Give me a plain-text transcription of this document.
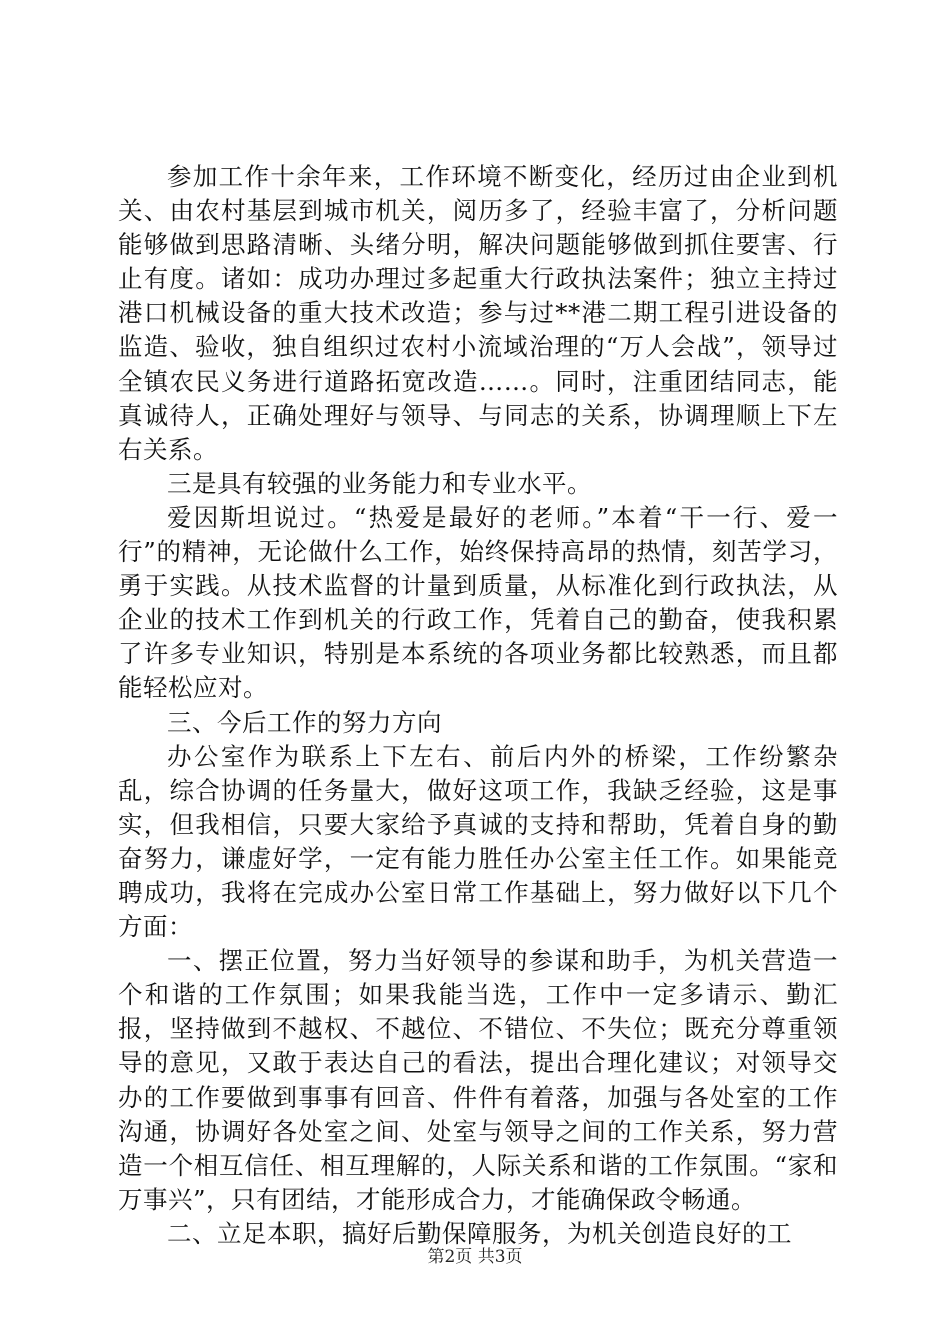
参加工作十余年来，工作环境不断变化，经历过由企业到机关、由农村基层到城市机关，阅历多了，经验丰富了，分析问题能够做到思路清晰、头绪分明，解决问题能够做到抓住要害、行止有度。诸如：成功办理过多起重大行政执法案件；独立主持过港口机械设备的重大技术改造；参与过**港二期工程引进设备的监造、验收，独自组织过农村小流域治理的“万人会战”，领导过全镇农民义务进行道路拓宽改造……。同时，注重团结同志，能真诚待人，正确处理好与领导、与同志的关系，协调理顺上下左右关系。

三是具有较强的业务能力和专业水平。

爱因斯坦说过。“热爱是最好的老师。”本着“干一行、爱一行”的精神，无论做什么工作，始终保持高昂的热情，刻苦学习，勇于实践。从技术监督的计量到质量，从标准化到行政执法，从企业的技术工作到机关的行政工作，凭着自己的勤奋，使我积累了许多专业知识，特别是本系统的各项业务都比较熟悉，而且都能轻松应对。

三、今后工作的努力方向

办公室作为联系上下左右、前后内外的桥梁，工作纷繁杂乱，综合协调的任务量大，做好这项工作，我缺乏经验，这是事实，但我相信，只要大家给予真诚的支持和帮助，凭着自身的勤奋努力，谦虚好学，一定有能力胜任办公室主任工作。如果能竞聘成功，我将在完成办公室日常工作基础上，努力做好以下几个方面：

一、摆正位置，努力当好领导的参谋和助手，为机关营造一个和谐的工作氛围；如果我能当选，工作中一定多请示、勤汇报，坚持做到不越权、不越位、不错位、不失位；既充分尊重领导的意见，又敢于表达自己的看法，提出合理化建议；对领导交办的工作要做到事事有回音、件件有着落，加强与各处室的工作沟通，协调好各处室之间、处室与领导之间的工作关系，努力营造一个相互信任、相互理解的，人际关系和谐的工作氛围。“家和万事兴”，只有团结，才能形成合力，才能确保政令畅通。

二、立足本职，搞好后勤保障服务，为机关创造良好的工

第2页 共3页
